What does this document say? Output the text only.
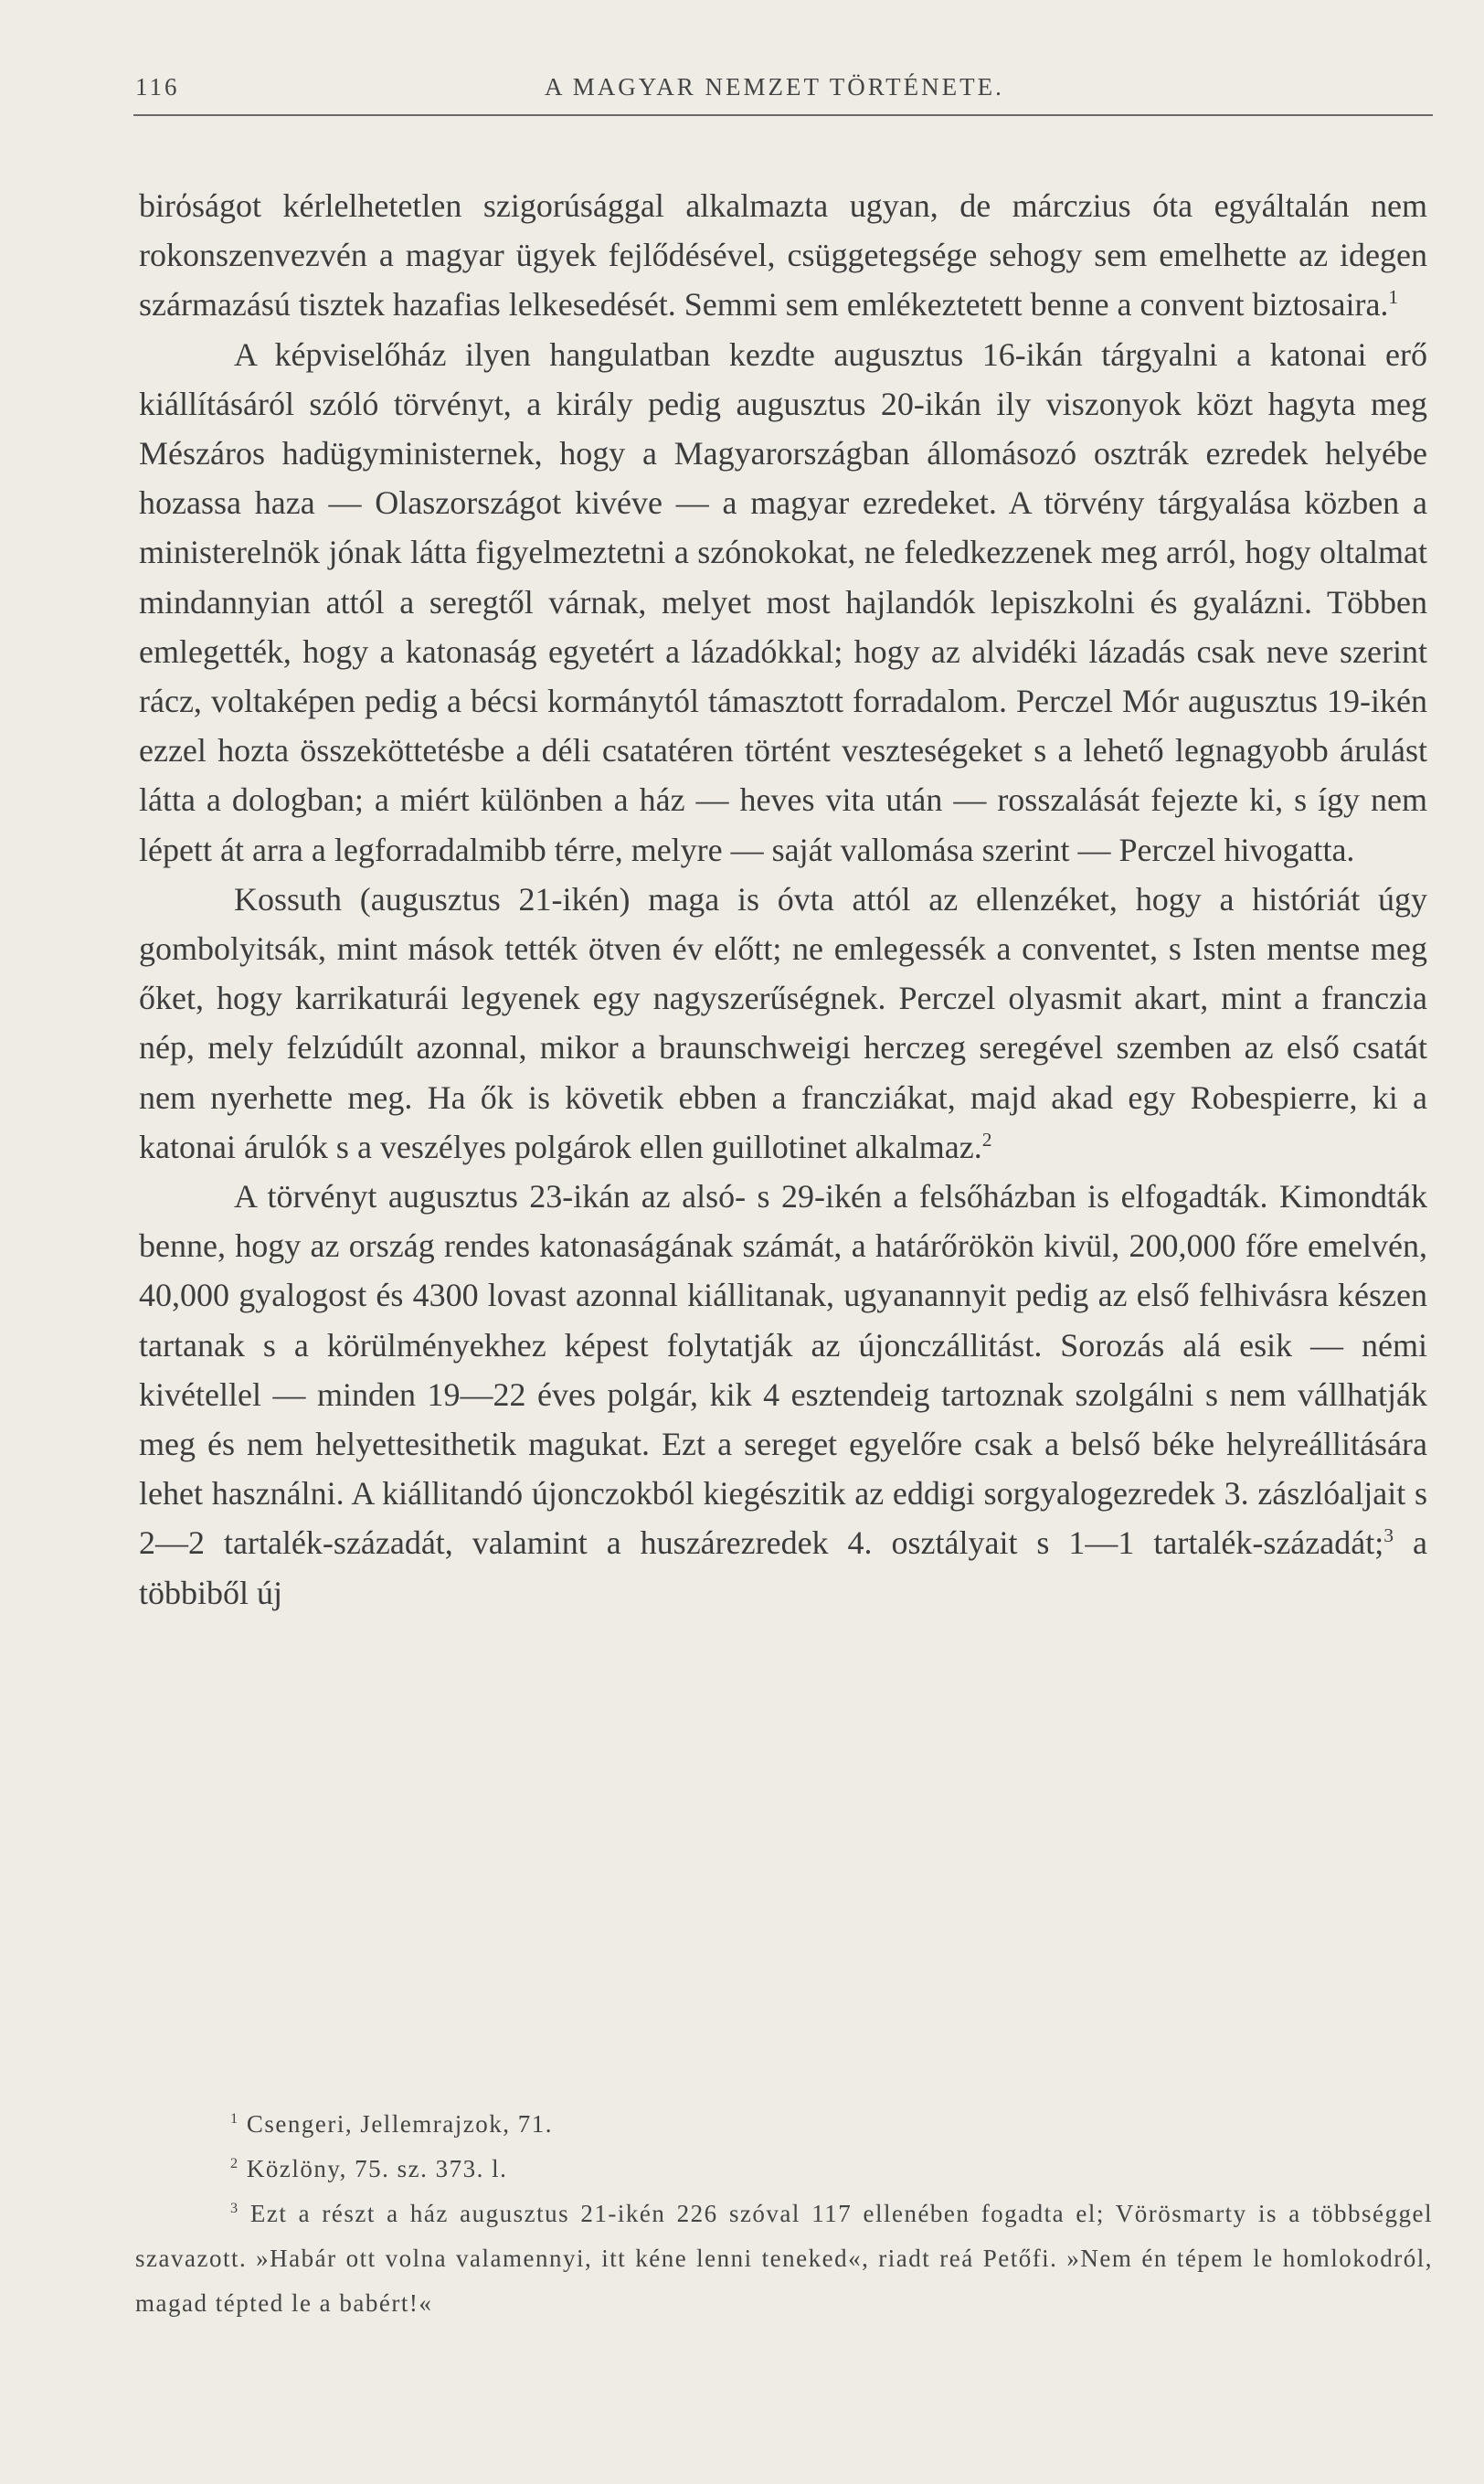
116	A MAGYAR NEMZET TÖRTÉNETE.

birόságot kérlelhetetlen szigorúsággal alkalmazta ugyan, de márczius óta egyáltalán nem rokonszenvezvén a magyar ügyek fejlődésével, csüggetegsége sehogy sem emelhette az idegen származású tisztek hazafias lelkesedését. Semmi sem emlékeztetett benne a convent biztosaira.$^1$

A képviselőház ilyen hangulatban kezdte augusztus 16-ikán tárgyalni a katonai erő kiállításáról szóló törvényt, a király pedig augusztus 20-ikán ily viszonyok közt hagyta meg Mészáros hadügyministernek, hogy a Magyarországban állomásozó osztrák ezredek helyébe hozassa haza — Olaszországot kivéve — a magyar ezredeket. A törvény tárgyalása közben a ministerelnök jónak látta figyelmeztetni a szónokokat, ne feledkezzenek meg arról, hogy oltalmat mindannyian attól a seregtől várnak, melyet most hajlandók lepiszkolni és gyalázni. Többen emlegették, hogy a katonaság egyetért a lázadókkal; hogy az alvidéki lázadás csak neve szerint rácz, voltaképen pedig a bécsi kormánytól támasztott forradalom. Perczel Mór augusztus 19-ikén ezzel hozta összeköttetésbe a déli csatatéren történt veszteségeket s a lehető legnagyobb árulást látta a dologban; a miért különben a ház — heves vita után — rosszalását fejezte ki, s így nem lépett át arra a legforradalmibb térre, melyre — saját vallomása szerint — Perczel hivogatta.

Kossuth (augusztus 21-ikén) maga is óvta attól az ellenzéket, hogy a históriát úgy gombolyitsák, mint mások tették ötven év előtt; ne emlegessék a conventet, s Isten mentse meg őket, hogy karrikaturái legyenek egy nagyszerűségnek. Perczel olyasmit akart, mint a franczia nép, mely felzúdúlt azonnal, mikor a braunschweigi herczeg seregével szemben az első csatát nem nyerhette meg. Ha ők is követik ebben a francziákat, majd akad egy Robespierre, ki a katonai árulók s a veszélyes polgárok ellen guillotinet alkalmaz.$^2$

A törvényt augusztus 23-ikán az alsó- s 29-ikén a felsőházban is elfogadták. Kimondták benne, hogy az ország rendes katonaságának számát, a határőrökön kivül, 200,000 főre emelvén, 40,000 gyalogost és 4300 lovast azonnal kiállitanak, ugyanannyit pedig az első felhivásra készen tartanak s a körülményekhez képest folytatják az újonczállitást. Sorozás alá esik — némi kivétellel — minden 19—22 éves polgár, kik 4 esztendeig tartoznak szolgálni s nem vállhatják meg és nem helyettesithetik magukat. Ezt a sereget egyelőre csak a belső béke helyreállitására lehet használni. A kiállitandó újonczokból kiegészitik az eddigi sorgyalogezredek 3. zászlóaljait s 2—2 tartalék-századát, valamint a huszárezredek 4. osztályait s 1—1 tartalék-századát;$^3$ a többiből új

$^1$ Csengeri, Jellemrajzok, 71.

$^2$ Közlöny, 75. sz. 373. l.

$^3$ Ezt a részt a ház augusztus 21-ikén 226 szóval 117 ellenében fogadta el; Vörösmarty is a többséggel szavazott. »Habár ott volna valamennyi, itt kéne lenni teneked«, riadt reá Petőfi. »Nem én tépem le homlokodról, magad tépted le a babért!«
